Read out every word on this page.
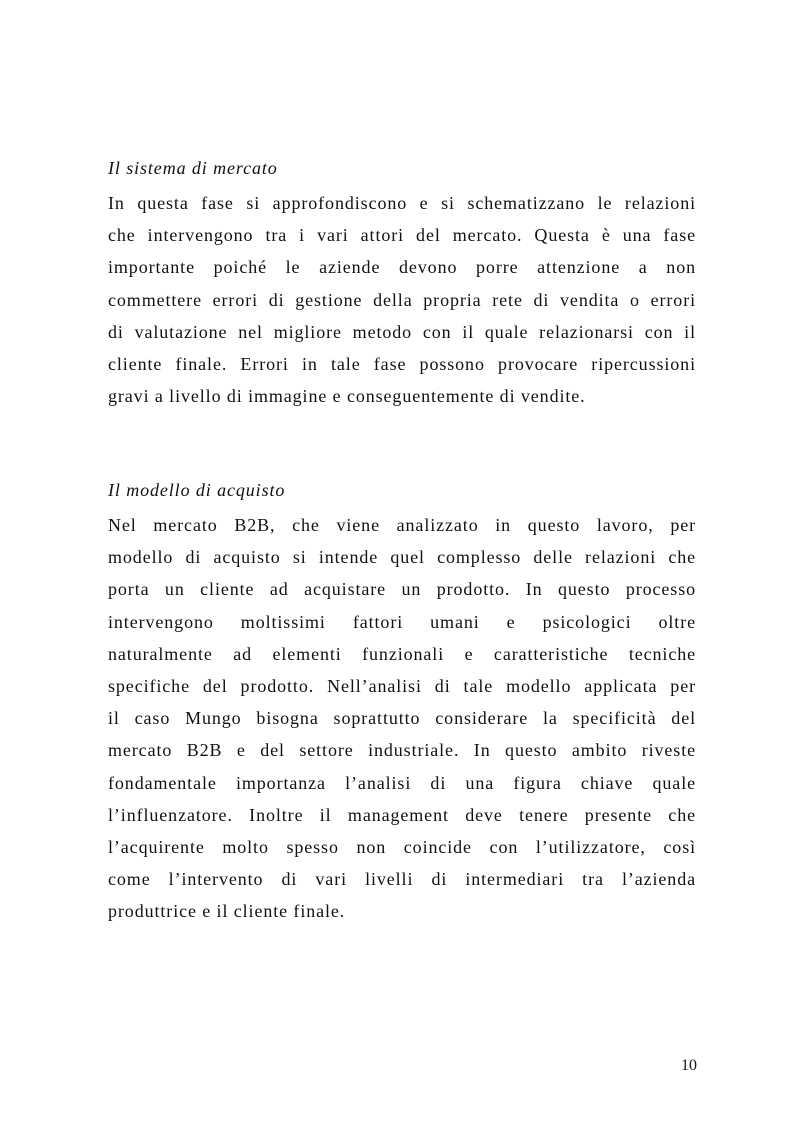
Il sistema di mercato
In questa fase si approfondiscono e si schematizzano le relazioni
che intervengono tra i vari attori del mercato. Questa è una fase
importante poiché le aziende devono porre attenzione a non
commettere errori di gestione della propria rete di vendita o errori
di valutazione nel migliore metodo con il quale relazionarsi con il
cliente finale. Errori in tale fase possono provocare ripercussioni
gravi a livello di immagine e conseguentemente di vendite.
Il modello di acquisto
Nel mercato B2B, che viene analizzato in questo lavoro, per
modello di acquisto si intende quel complesso delle relazioni che
porta un cliente ad acquistare un prodotto. In questo processo
intervengono moltissimi fattori umani e psicologici oltre
naturalmente ad elementi funzionali e caratteristiche tecniche
specifiche del prodotto. Nell’analisi di tale modello applicata per
il caso Mungo bisogna soprattutto considerare la specificità del
mercato B2B e del settore industriale. In questo ambito riveste
fondamentale importanza l’analisi di una figura chiave quale
l’influenzatore. Inoltre il management deve tenere presente che
l’acquirente molto spesso non coincide con l’utilizzatore, così
come l’intervento di vari livelli di intermediari tra l’azienda
produttrice e il cliente finale.
10
